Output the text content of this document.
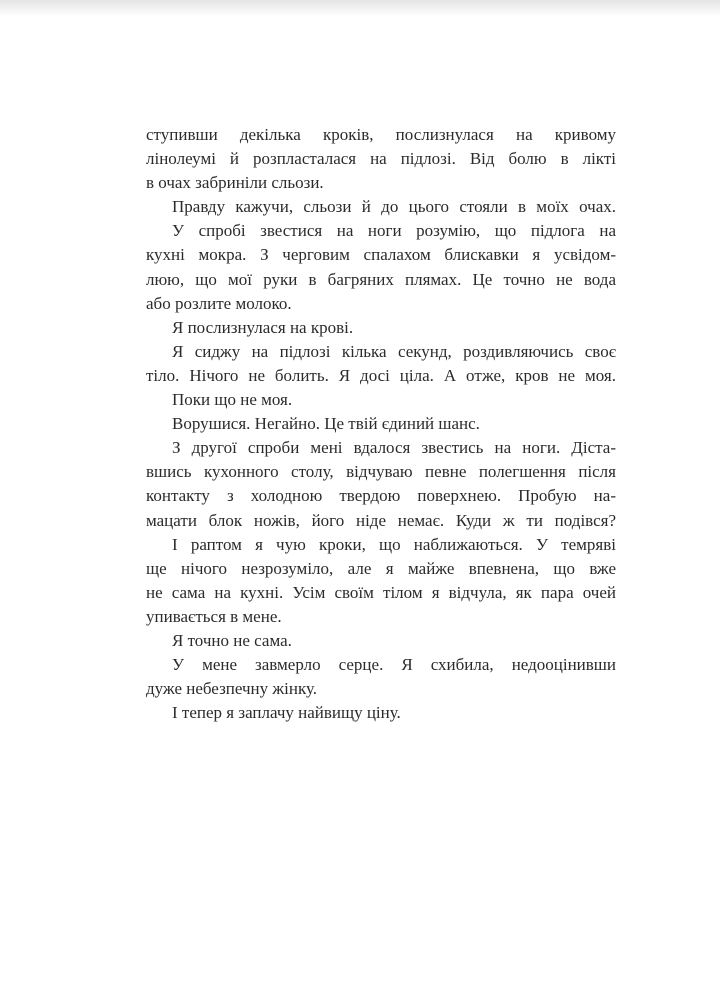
ступивши декілька кроків, послизнулася на кривому
лінолеумі й розпласталася на підлозі. Від болю в лікті
в очах забриніли сльози.
Правду кажучи, сльози й до цього стояли в моїх очах.
У спробі звестися на ноги розумію, що підлога на
кухні мокра. З черговим спалахом блискавки я усвідом-
люю, що мої руки в багряних плямах. Це точно не вода
або розлите молоко.
Я послизнулася на крові.
Я сиджу на підлозі кілька секунд, роздивляючись своє
тіло. Нічого не болить. Я досі ціла. А отже, кров не моя.
Поки що не моя.
Ворушися. Негайно. Це твій єдиний шанс.
З другої спроби мені вдалося звестись на ноги. Діста-
вшись кухонного столу, відчуваю певне полегшення після
контакту з холодною твердою поверхнею. Пробую на-
мацати блок ножів, його ніде немає. Куди ж ти подівся?
І раптом я чую кроки, що наближаються. У темряві
ще нічого незрозуміло, але я майже впевнена, що вже
не сама на кухні. Усім своїм тілом я відчула, як пара очей
упивається в мене.
Я точно не сама.
У мене завмерло серце. Я схибила, недооцінивши
дуже небезпечну жінку.
І тепер я заплачу найвищу ціну.
